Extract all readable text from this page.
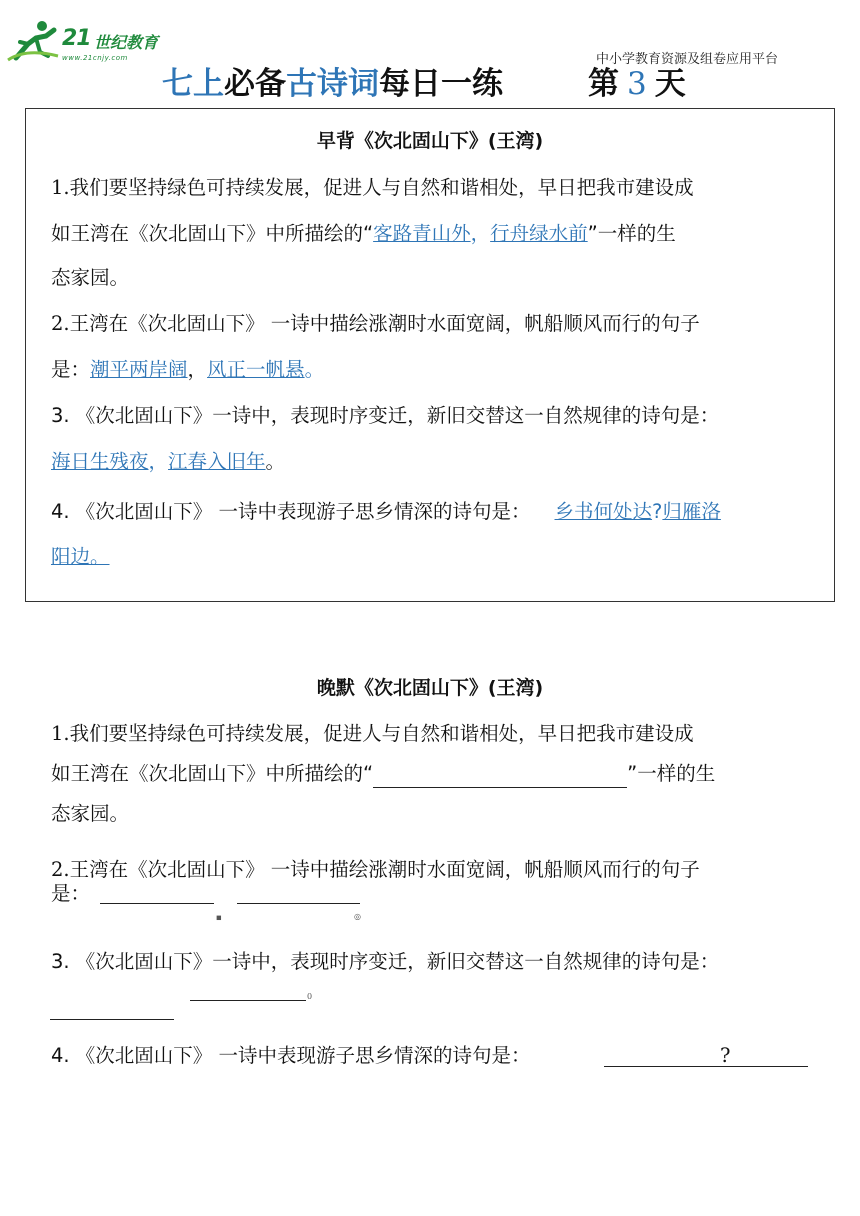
21 世纪教育
www.21cnjy.com	中小学教育资源及组卷应用平台
七上必备古诗词每日一练	第 3 天
早背《次北固山下》(王湾)
1.我们要坚持绿色可持续发展，促进人与自然和谐相处，早日把我市建设成
如王湾在《次北固山下》中所描绘的“客路青山外，行舟绿水前”一样的生
态家园。
2.王湾在《次北固山下》 一诗中描绘涨潮时水面宽阔，帆船顺风而行的句子
是：潮平两岸阔，风正一帆悬。
3. 《次北固山下》一诗中，表现时序变迁，新旧交替这一自然规律的诗句是：
海日生残夜，江春入旧年。
4. 《次北固山下》 一诗中表现游子思乡情深的诗句是： 乡书何处达?归雁洛
阳边。
晚默《次北固山下》(王湾)
1.我们要坚持绿色可持续发展，促进人与自然和谐相处，早日把我市建设成
如王湾在《次北固山下》中所描绘的“	”一样的生
态家园。
2.王湾在《次北固山下》 一诗中描绘涨潮时水面宽阔，帆船顺风而行的句子
是：
◾	◎
3. 《次北固山下》一诗中，表现时序变迁，新旧交替这一自然规律的诗句是：
0
4. 《次北固山下》 一诗中表现游子思乡情深的诗句是：	?
